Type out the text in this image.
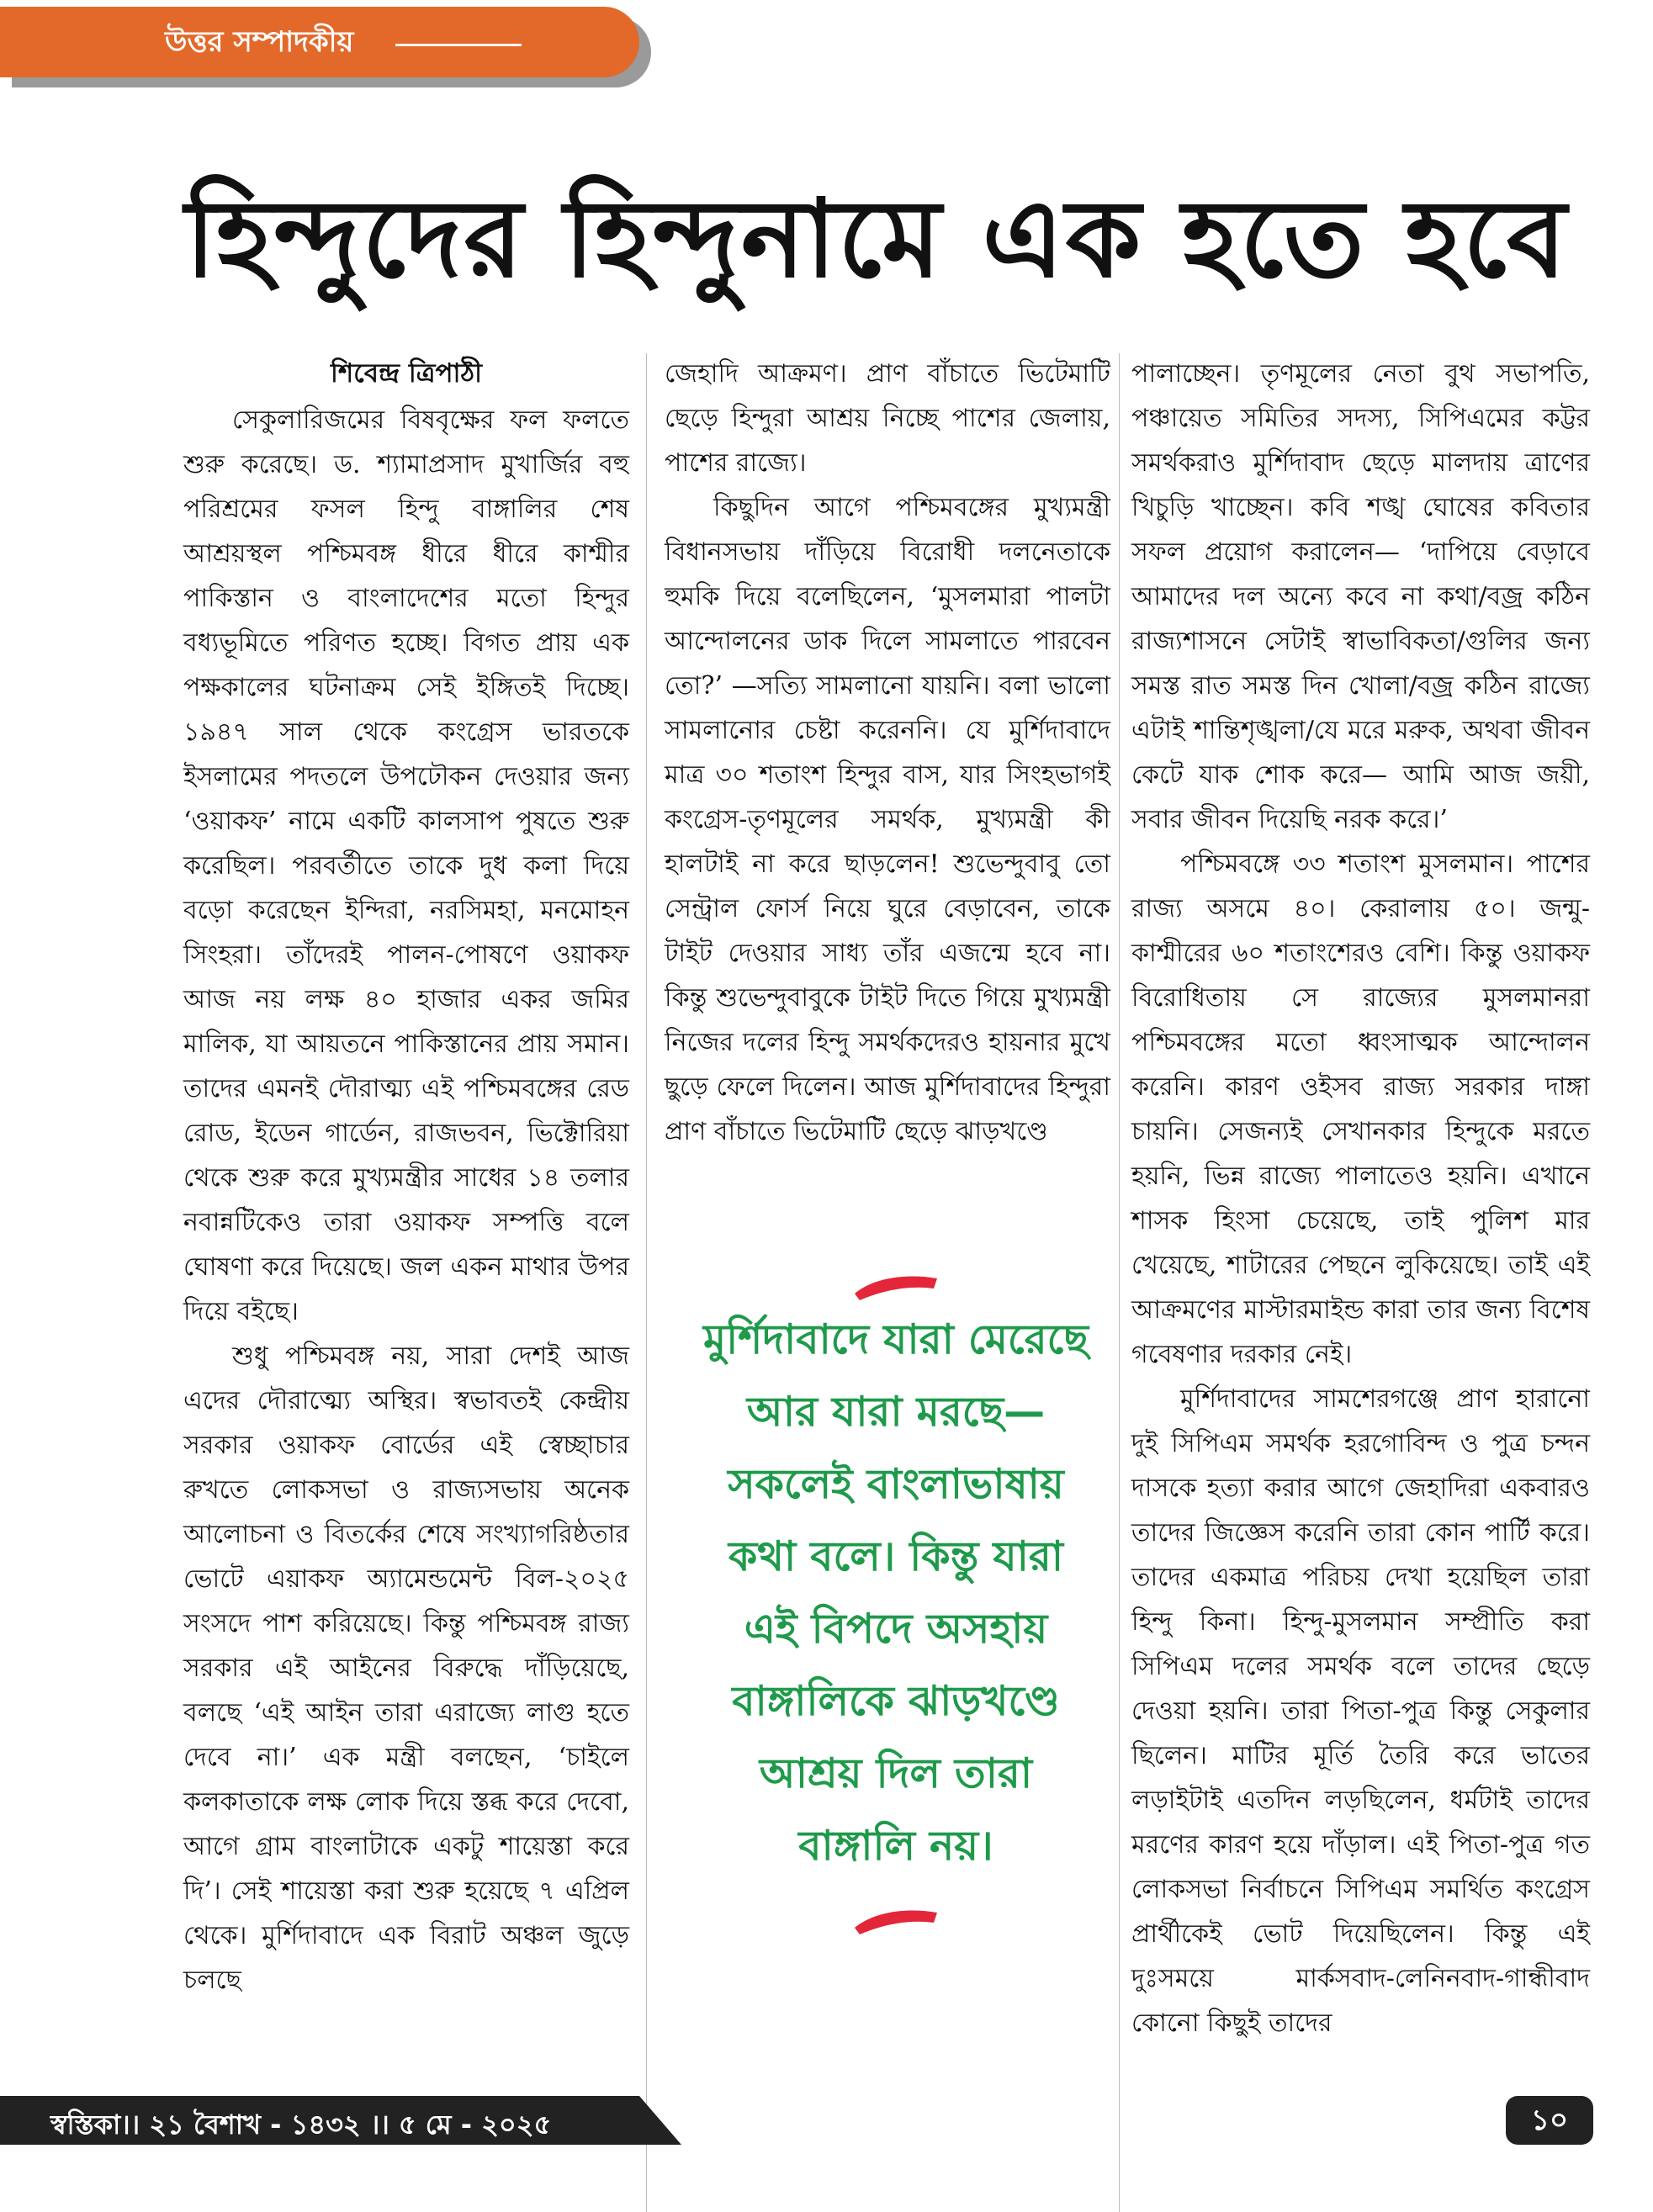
উত্তর সম্পাদকীয়
হিন্দুদের হিন্দুনামে এক হতে হবে
শিবেন্দ্র ত্রিপাঠী

সেকুলারিজমের বিষবৃক্ষের ফল ফলতে শুরু করেছে। ড. শ্যামাপ্রসাদ মুখার্জির বহু পরিশ্রমের ফসল হিন্দু বাঙ্গালির শেষ আশ্রয়স্থল পশ্চিমবঙ্গ ধীরে ধীরে কাশ্মীর পাকিস্তান ও বাংলাদেশের মতো হিন্দুর বধ্যভূমিতে পরিণত হচ্ছে। বিগত প্রায় এক পক্ষকালের ঘটনাক্রম সেই ইঙ্গিতই দিচ্ছে। ১৯৪৭ সাল থেকে কংগ্রেস ভারতকে ইসলামের পদতলে উপঢৌকন দেওয়ার জন্য ‘ওয়াকফ’ নামে একটি কালসাপ পুষতে শুরু করেছিল। পরবর্তীতে তাকে দুধ কলা দিয়ে বড়ো করেছেন ইন্দিরা, নরসিমহা, মনমোহন সিংহরা। তাঁদেরই পালন-পোষণে ওয়াকফ আজ নয় লক্ষ ৪০ হাজার একর জমির মালিক, যা আয়তনে পাকিস্তানের প্রায় সমান। তাদের এমনই দৌরাত্ম্য এই পশ্চিমবঙ্গের রেড রোড, ইডেন গার্ডেন, রাজভবন, ভিক্টোরিয়া থেকে শুরু করে মুখ্যমন্ত্রীর সাধের ১৪ তলার নবান্নটিকেও তারা ওয়াকফ সম্পত্তি বলে ঘোষণা করে দিয়েছে। জল একন মাথার উপর দিয়ে বইছে।

শুধু পশ্চিমবঙ্গ নয়, সারা দেশই আজ এদের দৌরাত্ম্যে অস্থির। স্বভাবতই কেন্দ্রীয় সরকার ওয়াকফ বোর্ডের এই স্বেচ্ছাচার রুখতে লোকসভা ও রাজ্যসভায় অনেক আলোচনা ও বিতর্কের শেষে সংখ্যাগরিষ্ঠতার ভোটে এয়াকফ অ্যামেন্ডমেন্ট বিল-২০২৫ সংসদে পাশ করিয়েছে। কিন্তু পশ্চিমবঙ্গ রাজ্য সরকার এই আইনের বিরুদ্ধে দাঁড়িয়েছে, বলছে ‘এই আইন তারা এরাজ্যে লাগু হতে দেবে না।’ এক মন্ত্রী বলছেন, ‘চাইলে কলকাতাকে লক্ষ লোক দিয়ে স্তব্ধ করে দেবো, আগে গ্রাম বাংলাটাকে একটু শায়েস্তা করে দি’। সেই শায়েস্তা করা শুরু হয়েছে ৭ এপ্রিল থেকে। মুর্শিদাবাদে এক বিরাট অঞ্চল জুড়ে চলছে

জেহাদি আক্রমণ। প্রাণ বাঁচাতে ভিটেমাটি ছেড়ে হিন্দুরা আশ্রয় নিচ্ছে পাশের জেলায়, পাশের রাজ্যে।

কিছুদিন আগে পশ্চিমবঙ্গের মুখ্যমন্ত্রী বিধানসভায় দাঁড়িয়ে বিরোধী দলনেতাকে হুমকি দিয়ে বলেছিলেন, ‘মুসলমারা পালটা আন্দোলনের ডাক দিলে সামলাতে পারবেন তো?’ —সত্যি সামলানো যায়নি। বলা ভালো সামলানোর চেষ্টা করেননি। যে মুর্শিদাবাদে মাত্র ৩০ শতাংশ হিন্দুর বাস, যার সিংহভাগই কংগ্রেস-তৃণমূলের সমর্থক, মুখ্যমন্ত্রী কী হালটাই না করে ছাড়লেন! শুভেন্দুবাবু তো সেন্ট্রাল ফোর্স নিয়ে ঘুরে বেড়াবেন, তাকে টাইট দেওয়ার সাধ্য তাঁর এজন্মে হবে না। কিন্তু শুভেন্দুবাবুকে টাইট দিতে গিয়ে মুখ্যমন্ত্রী নিজের দলের হিন্দু সমর্থকদেরও হায়নার মুখে ছুড়ে ফেলে দিলেন। আজ মুর্শিদাবাদের হিন্দুরা প্রাণ বাঁচাতে ভিটেমাটি ছেড়ে ঝাড়খণ্ডে

মুর্শিদাবাদে যারা মেরেছে আর যারা মরছে— সকলেই বাংলাভাষায় কথা বলে। কিন্তু যারা এই বিপদে অসহায় বাঙ্গালিকে ঝাড়খণ্ডে আশ্রয় দিল তারা বাঙ্গালি নয়।

পালাচ্ছেন। তৃণমূলের নেতা বুথ সভাপতি, পঞ্চায়েত সমিতির সদস্য, সিপিএমের কট্টর সমর্থকরাও মুর্শিদাবাদ ছেড়ে মালদায় ত্রাণের খিচুড়ি খাচ্ছেন। কবি শঙ্খ ঘোষের কবিতার সফল প্রয়োগ করালেন— ‘দাপিয়ে বেড়াবে আমাদের দল অন্যে কবে না কথা/বজ্র কঠিন রাজ্যশাসনে সেটাই স্বাভাবিকতা/গুলির জন্য সমস্ত রাত সমস্ত দিন খোলা/বজ্র কঠিন রাজ্যে এটাই শান্তিশৃঙ্খলা/যে মরে মরুক, অথবা জীবন কেটে যাক শোক করে— আমি আজ জয়ী, সবার জীবন দিয়েছি নরক করে।’

পশ্চিমবঙ্গে ৩৩ শতাংশ মুসলমান। পাশের রাজ্য অসমে ৪০। কেরালায় ৫০। জন্মু-কাশ্মীরের ৬০ শতাংশেরও বেশি। কিন্তু ওয়াকফ বিরোধিতায় সে রাজ্যের মুসলমানরা পশ্চিমবঙ্গের মতো ধ্বংসাত্মক আন্দোলন করেনি। কারণ ওইসব রাজ্য সরকার দাঙ্গা চায়নি। সেজন্যই সেখানকার হিন্দুকে মরতে হয়নি, ভিন্ন রাজ্যে পালাতেও হয়নি। এখানে শাসক হিংসা চেয়েছে, তাই পুলিশ মার খেয়েছে, শাটারের পেছনে লুকিয়েছে। তাই এই আক্রমণের মাস্টারমাইন্ড কারা তার জন্য বিশেষ গবেষণার দরকার নেই।

মুর্শিদাবাদের সামশেরগঞ্জে প্রাণ হারানো দুই সিপিএম সমর্থক হরগোবিন্দ ও পুত্র চন্দন দাসকে হত্যা করার আগে জেহাদিরা একবারও তাদের জিজ্ঞেস করেনি তারা কোন পার্টি করে। তাদের একমাত্র পরিচয় দেখা হয়েছিল তারা হিন্দু কিনা। হিন্দু-মুসলমান সম্প্রীতি করা সিপিএম দলের সমর্থক বলে তাদের ছেড়ে দেওয়া হয়নি। তারা পিতা-পুত্র কিন্তু সেকুলার ছিলেন। মাটির মূর্তি তৈরি করে ভাতের লড়াইটাই এতদিন লড়ছিলেন, ধর্মটাই তাদের মরণের কারণ হয়ে দাঁড়াল। এই পিতা-পুত্র গত লোকসভা নির্বাচনে সিপিএম সমর্থিত কংগ্রেস প্রার্থীকেই ভোট দিয়েছিলেন। কিন্তু এই দুঃসময়ে মার্কসবাদ-লেনিনবাদ-গান্ধীবাদ কোনো কিছুই তাদের

স্বস্তিকা।। ২১ বৈশাখ - ১৪৩২ ।। ৫ মে - ২০২৫	১০
